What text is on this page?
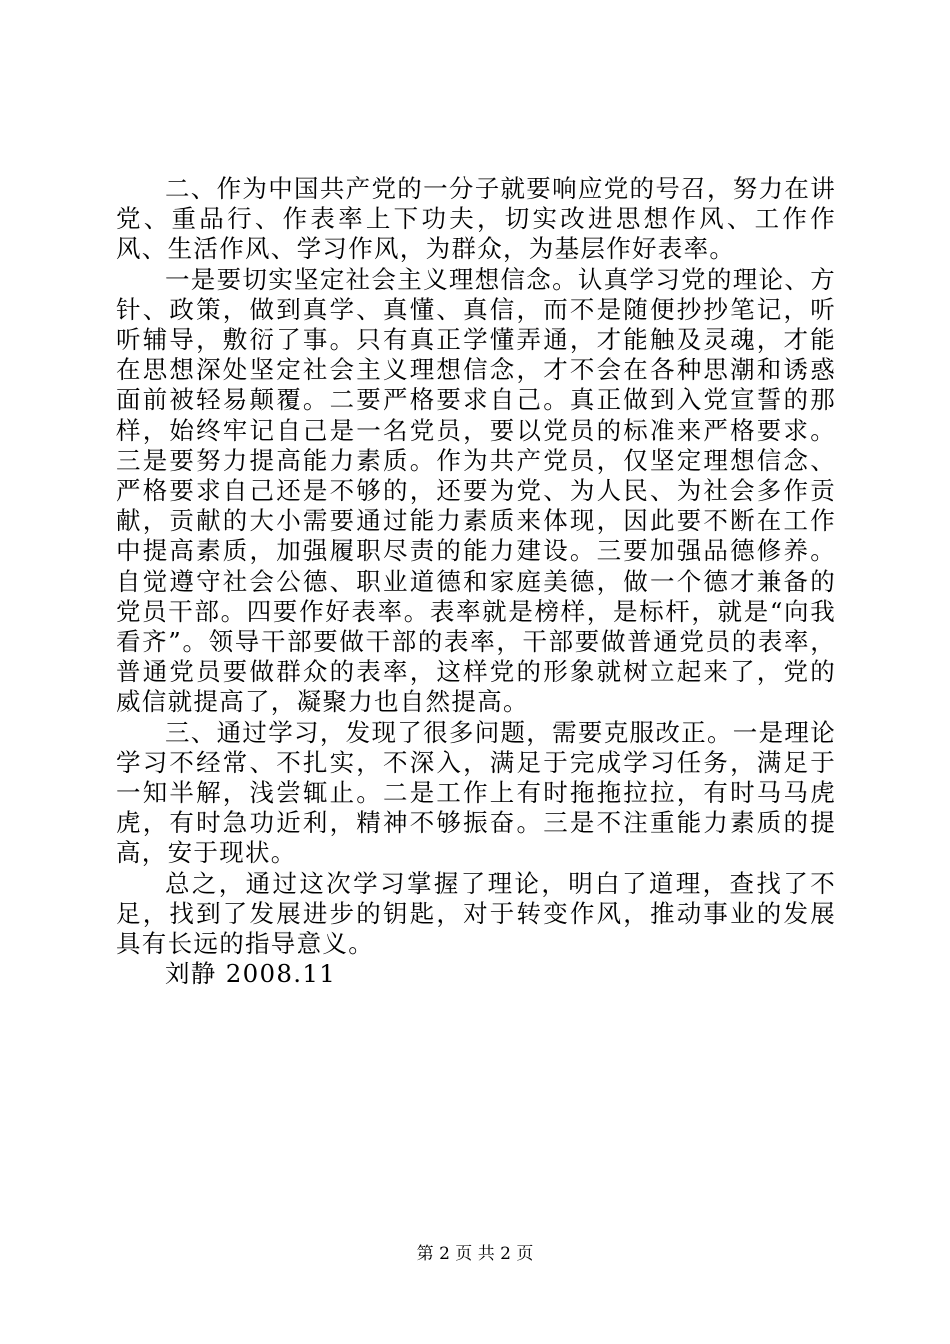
二、作为中国共产党的一分子就要响应党的号召，努力在讲党、重品行、作表率上下功夫，切实改进思想作风、工作作风、生活作风、学习作风，为群众，为基层作好表率。

一是要切实坚定社会主义理想信念。认真学习党的理论、方针、政策，做到真学、真懂、真信，而不是随便抄抄笔记，听听辅导，敷衍了事。只有真正学懂弄通，才能触及灵魂，才能在思想深处坚定社会主义理想信念，才不会在各种思潮和诱惑面前被轻易颠覆。二要严格要求自己。真正做到入党宣誓的那样，始终牢记自己是一名党员，要以党员的标准来严格要求。三是要努力提高能力素质。作为共产党员，仅坚定理想信念、严格要求自己还是不够的，还要为党、为人民、为社会多作贡献，贡献的大小需要通过能力素质来体现，因此要不断在工作中提高素质，加强履职尽责的能力建设。三要加强品德修养。自觉遵守社会公德、职业道德和家庭美德，做一个德才兼备的党员干部。四要作好表率。表率就是榜样，是标杆，就是“向我看齐”。领导干部要做干部的表率，干部要做普通党员的表率，普通党员要做群众的表率，这样党的形象就树立起来了，党的威信就提高了，凝聚力也自然提高。

三、通过学习，发现了很多问题，需要克服改正。一是理论学习不经常、不扎实，不深入，满足于完成学习任务，满足于一知半解，浅尝辄止。二是工作上有时拖拖拉拉，有时马马虎虎，有时急功近利，精神不够振奋。三是不注重能力素质的提高，安于现状。

总之，通过这次学习掌握了理论，明白了道理，查找了不足，找到了发展进步的钥匙，对于转变作风，推动事业的发展具有长远的指导意义。

刘静 2008.11

第 2 页 共 2 页
